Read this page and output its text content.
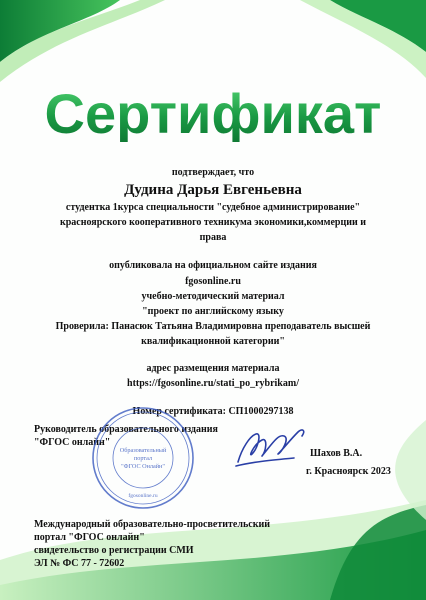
Сертификат
подтверждает, что
Дудина Дарья Евгеньевна
студентка 1курса специальности "судебное администрирование"
красноярского кооперативного техникума экономики,коммерции и
права
опубликовала на официальном сайте издания
fgosonline.ru
учебно-методический материал
"проект по английскому языку
Проверила: Панасюк Татьяна Владимировна преподаватель высшей
квалификационной категории"
адрес размещения материала
https://fgosonline.ru/stati_po_rybrikam/
Номер сертификата: СП1000297138
Руководитель образовательного издания
"ФГОС онлайн"
Образовательный
портал
"ФГОС Онлайн"
fgosonline.ru
Шахов В.А.
г. Красноярск 2023
Международный образовательно-просветительский
портал "ФГОС онлайн"
свидетельство о регистрации СМИ
ЭЛ № ФС 77 - 72602
